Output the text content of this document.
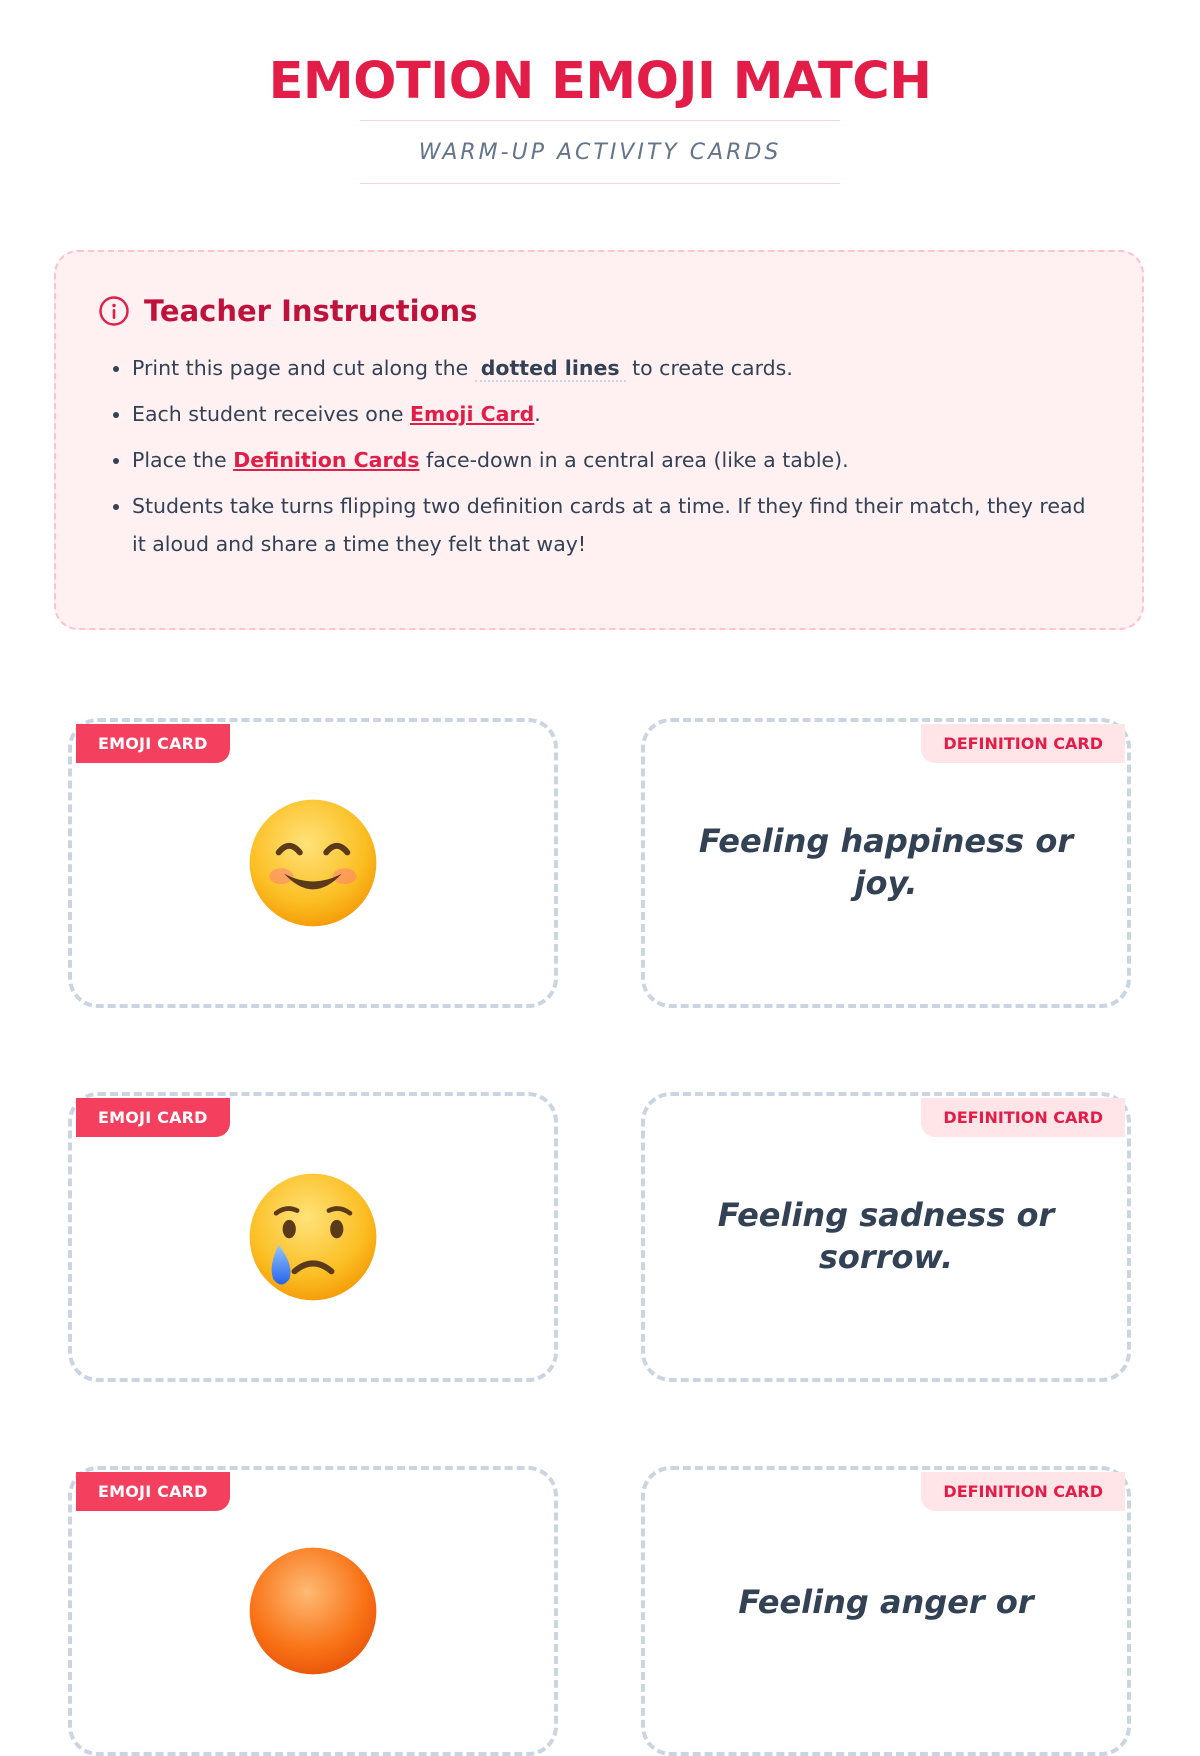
EMOTION EMOJI MATCH
WARM-UP ACTIVITY CARDS
Teacher Instructions
• Print this page and cut along the dotted lines to create cards.
• Each student receives one Emoji Card.
• Place the Definition Cards face-down in a central area (like a table).
• Students take turns flipping two definition cards at a time. If they find their match, they read it aloud and share a time they felt that way!
EMOJI CARD	DEFINITION CARD
Feeling happiness or joy.
EMOJI CARD	DEFINITION CARD
Feeling sadness or sorrow.
EMOJI CARD	DEFINITION CARD
Feeling anger or
